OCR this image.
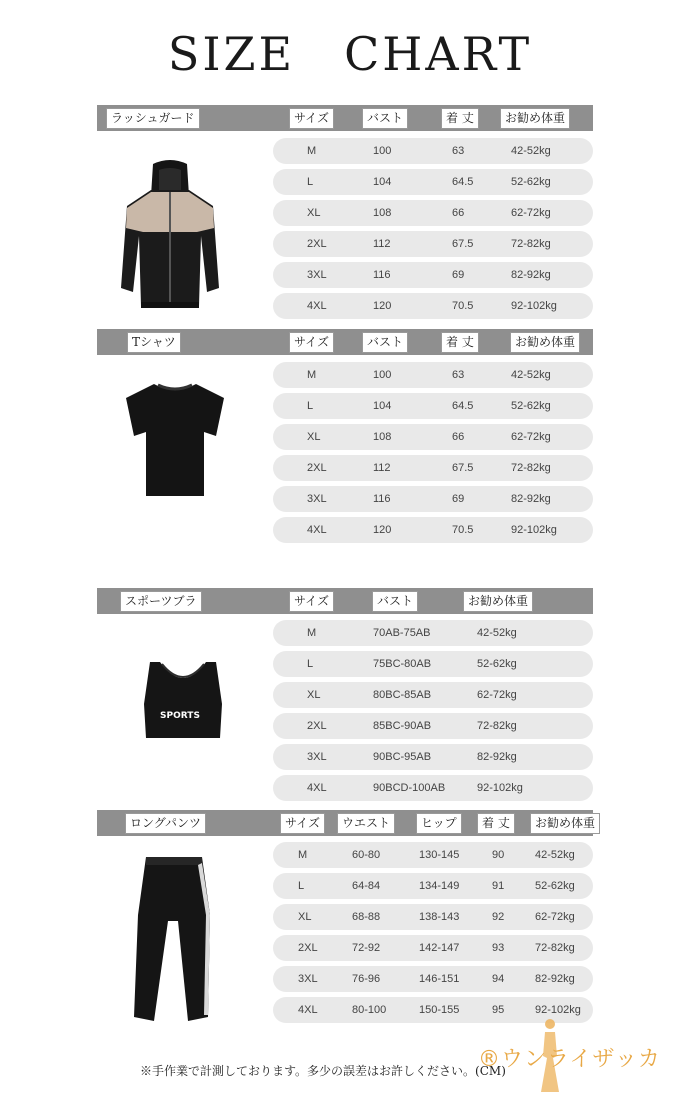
SIZE　CHART
ラッシュガード	サイズ	バスト	着 丈	お勧め体重
M	100	63	42-52kg
L	104	64.5	52-62kg
XL	108	66	62-72kg
2XL	112	67.5	72-82kg
3XL	116	69	82-92kg
4XL	120	70.5	92-102kg
Tシャツ	サイズ	バスト	着 丈	お勧め体重
M	100	63	42-52kg
L	104	64.5	52-62kg
XL	108	66	62-72kg
2XL	112	67.5	72-82kg
3XL	116	69	82-92kg
4XL	120	70.5	92-102kg
スポーツブラ	サイズ	バスト	お勧め体重
M	70AB-75AB	42-52kg
L	75BC-80AB	52-62kg
XL	80BC-85AB	62-72kg
2XL	85BC-90AB	72-82kg
3XL	90BC-95AB	82-92kg
4XL	90BCD-100AB	92-102kg
SPORTS
ロングパンツ	サイズ	ウエスト	ヒップ	着 丈	お勧め体重
M	60-80	130-145	90	42-52kg
L	64-84	134-149	91	52-62kg
XL	68-88	138-143	92	62-72kg
2XL	72-92	142-147	93	72-82kg
3XL	76-96	146-151	94	82-92kg
4XL	80-100	150-155	95	92-102kg
※手作業で計測しております。多少の誤差はお許しください。(CM)
®ウンライザッカ
